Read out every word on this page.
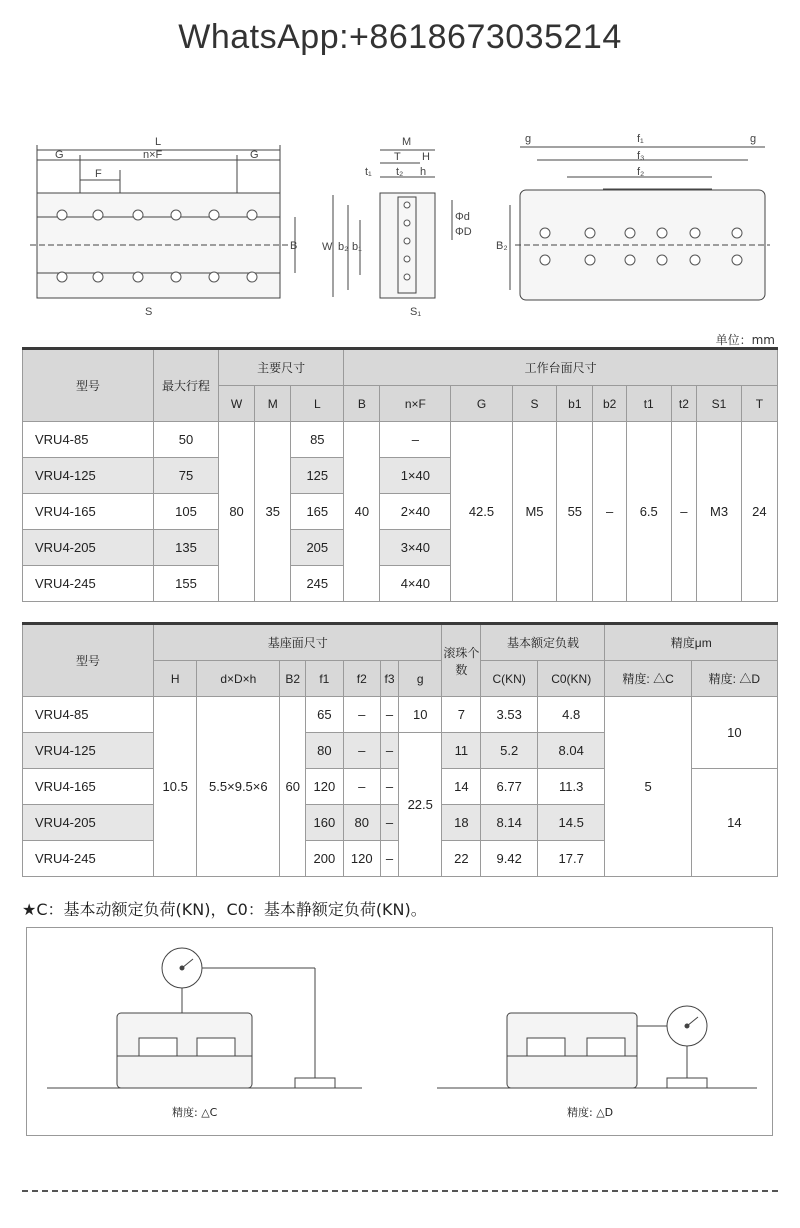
WhatsApp:+8618673035214
L
G	n×F	G
F
B
S
M
T H
t₁ t₂ h
W b₂ b₁
Φd
ΦD
S₁
g	f₁	g
f₃
f₂
B₂
单位：mm
型号	最大行程	主要尺寸			工作台面尺寸									
		W	M	L	B	n×F	G	S	b1	b2	t1	t2	S1	T
VRU4-85	50	80	35	85	40	–	42.5	M5	55	–	6.5	–	M3	24
VRU4-125	75			125		1×40								
VRU4-165	105			165		2×40								
VRU4-205	135			205		3×40								
VRU4-245	155			245		4×40								
型号	基座面尺寸							滚珠个数	基本额定负载		精度μm	
	H	d×D×h	B2	f1	f2	f3	g		C(KN)	C0(KN)	精度: △C	精度: △D
VRU4-85	10.5	5.5×9.5×6	60	65	–	–	10	7	3.53	4.8	5	10
VRU4-125				80	–	–	22.5	11	5.2	8.04		
VRU4-165				120	–	–		14	6.77	11.3		14
VRU4-205				160	80	–		18	8.14	14.5		
VRU4-245				200	120	–		22	9.42	17.7		
★C：基本动额定负荷(KN)，C0：基本静额定负荷(KN)。
精度: △C	精度: △D
